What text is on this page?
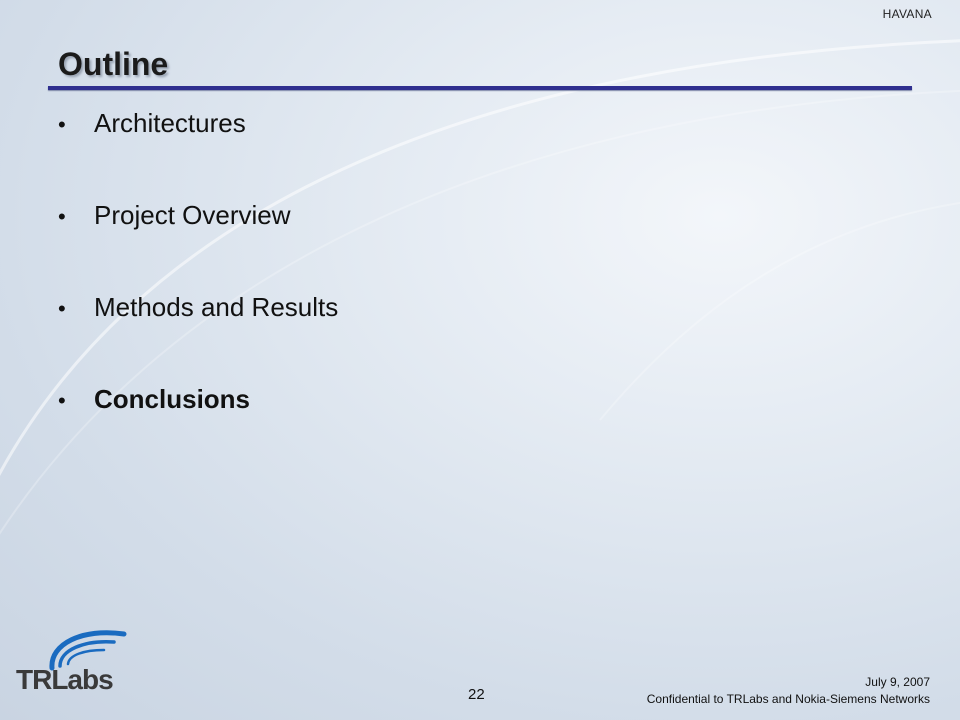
HAVANA
Outline
•	Architectures
•	Project Overview
•	Methods and Results
•	Conclusions
TRLabs	22
July 9, 2007
Confidential to TRLabs and Nokia-Siemens Networks
